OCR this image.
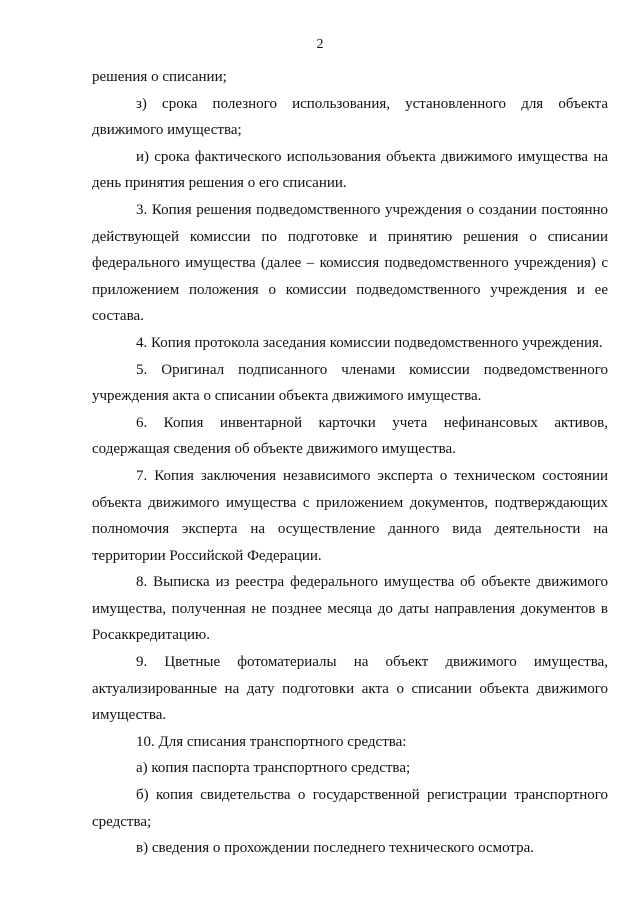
2

решения о списании;

з) срока полезного использования, установленного для объекта движимого имущества;

и) срока фактического использования объекта движимого имущества на день принятия решения о его списании.

3. Копия решения подведомственного учреждения о создании постоянно действующей комиссии по подготовке и принятию решения о списании федерального имущества (далее – комиссия подведомственного учреждения) с приложением положения о комиссии подведомственного учреждения и ее состава.

4. Копия протокола заседания комиссии подведомственного учреждения.

5. Оригинал подписанного членами комиссии подведомственного учреждения акта о списании объекта движимого имущества.

6. Копия инвентарной карточки учета нефинансовых активов, содержащая сведения об объекте движимого имущества.

7. Копия заключения независимого эксперта о техническом состоянии объекта движимого имущества с приложением документов, подтверждающих полномочия эксперта на осуществление данного вида деятельности на территории Российской Федерации.

8. Выписка из реестра федерального имущества об объекте движимого имущества, полученная не позднее месяца до даты направления документов в Росаккредитацию.

9. Цветные фотоматериалы на объект движимого имущества, актуализированные на дату подготовки акта о списании объекта движимого имущества.

10. Для списания транспортного средства:

а) копия паспорта транспортного средства;

б) копия свидетельства о государственной регистрации транспортного средства;

в) сведения о прохождении последнего технического осмотра.
